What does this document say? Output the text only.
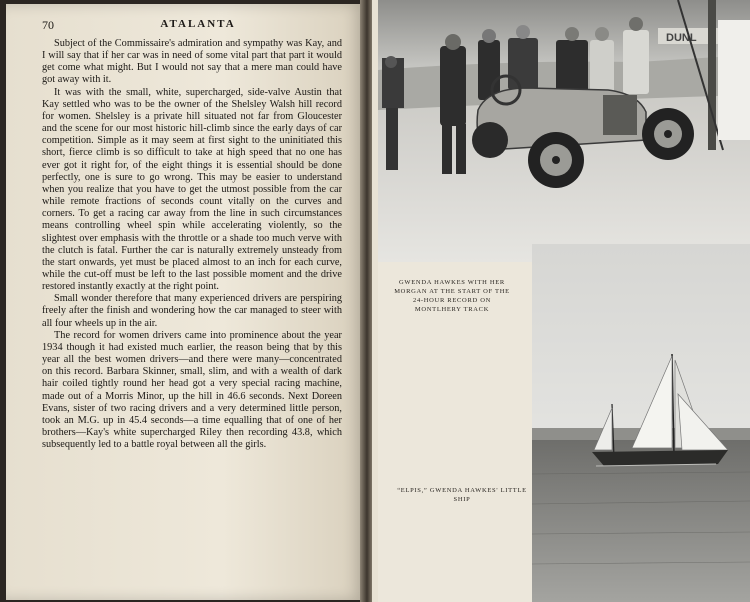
70	ATALANTA

Subject of the Commissaire's admiration and sympathy was Kay, and I will say that if her car was in need of some vital part that part it would get come what might. But I would not say that a mere man could have got away with it.

It was with the small, white, supercharged, side-valve Austin that Kay settled who was to be the owner of the Shelsley Walsh hill record for women. Shelsley is a private hill situated not far from Gloucester and the scene for our most historic hill-climb since the early days of car competition. Simple as it may seem at first sight to the uninitiated this short, fierce climb is so difficult to take at high speed that no one has ever got it right for, of the eight things it is essential should be done perfectly, one is sure to go wrong. This may be easier to understand when you realize that you have to get the utmost possible from the car while remote fractions of seconds count vitally on the curves and corners. To get a racing car away from the line in such circumstances means controlling wheel spin while accelerating violently, so the slightest over emphasis with the throttle or a shade too much verve with the clutch is fatal. Further the car is naturally extremely unsteady from the start onwards, yet must be placed almost to an inch for each curve, while the cut-off must be left to the last possible moment and the drive restored instantly exactly at the right point.

Small wonder therefore that many experienced drivers are perspiring freely after the finish and wondering how the car managed to steer with all four wheels up in the air.

The record for women drivers came into prominence about the year 1934 though it had existed much earlier, the reason being that by this year all the best women drivers—and there were many—concentrated on this record. Barbara Skinner, small, slim, and with a wealth of dark hair coiled tightly round her head got a very special racing machine, made out of a Morris Minor, up the hill in 46.6 seconds. Next Doreen Evans, sister of two racing drivers and a very determined little person, took an M.G. up in 45.4 seconds—a time equalling that of one of her brothers—Kay's white supercharged Riley then recording 43.8, which subsequently led to a battle royal between all the girls.

DUNL
GWENDA HAWKES WITH HER MORGAN AT THE START OF THE 24-HOUR RECORD ON MONTLHERY TRACK
“ELPIS,” GWENDA HAWKES' LITTLE SHIP
